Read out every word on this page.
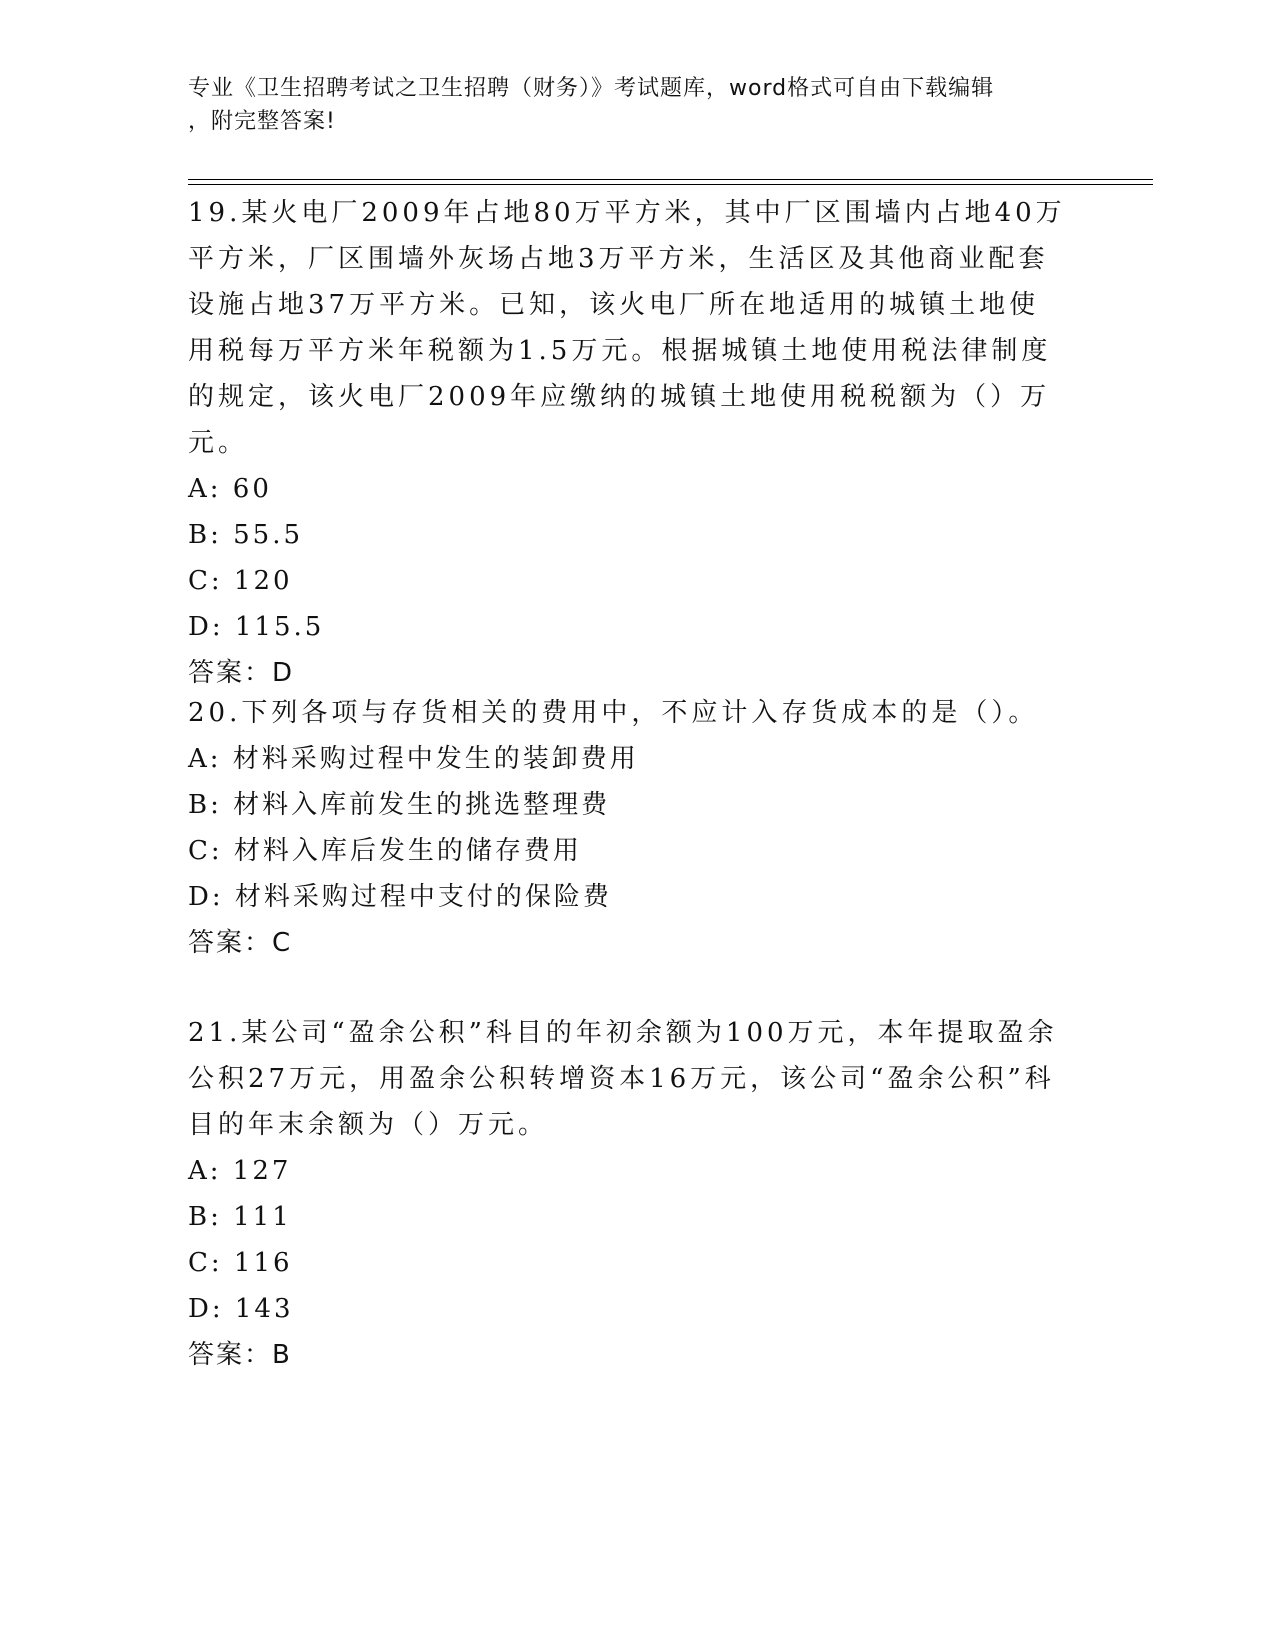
专业《卫生招聘考试之卫生招聘（财务）》考试题库，word格式可自由下载编辑
，附完整答案!

19.某火电厂2009年占地80万平方米，其中厂区围墙内占地40万平方米，厂区围墙外灰场占地3万平方米，生活区及其他商业配套设施占地37万平方米。已知，该火电厂所在地适用的城镇土地使用税每万平方米年税额为1.5万元。根据城镇土地使用税法律制度的规定，该火电厂2009年应缴纳的城镇土地使用税税额为（）万元。

A: 60

B: 55.5

C: 120

D: 115.5

答案：D

20.下列各项与存货相关的费用中，不应计入存货成本的是（）。

A: 材料采购过程中发生的装卸费用

B: 材料入库前发生的挑选整理费

C: 材料入库后发生的储存费用

D: 材料采购过程中支付的保险费

答案：C

21.某公司“盈余公积”科目的年初余额为100万元，本年提取盈余公积27万元，用盈余公积转增资本16万元，该公司“盈余公积”科目的年末余额为（）万元。

A: 127

B: 111

C: 116

D: 143

答案：B
